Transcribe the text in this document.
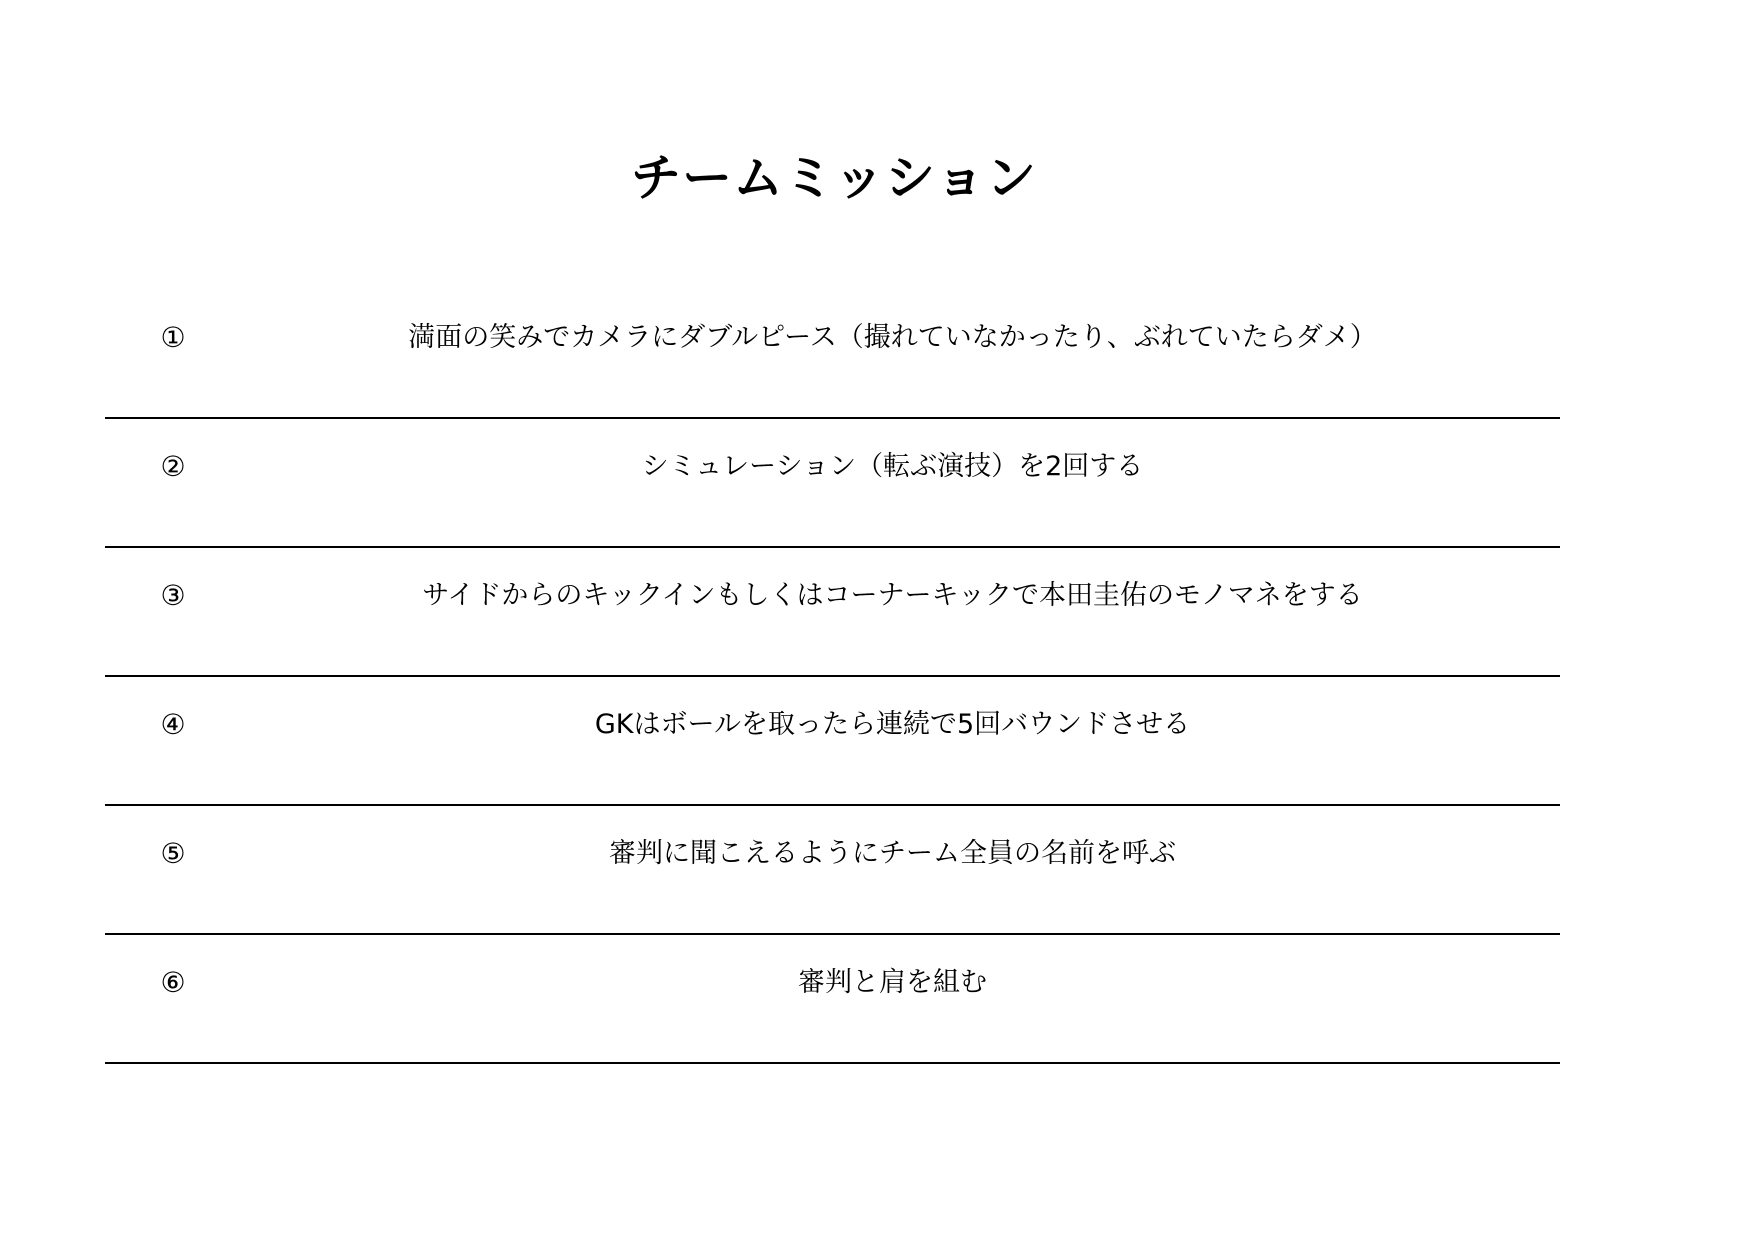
チームミッション
①	満面の笑みでカメラにダブルピース（撮れていなかったり、ぶれていたらダメ）
②	シミュレーション（転ぶ演技）を2回する
③	サイドからのキックインもしくはコーナーキックで本田圭佑のモノマネをする
④	GKはボールを取ったら連続で5回バウンドさせる
⑤	審判に聞こえるようにチーム全員の名前を呼ぶ
⑥	審判と肩を組む
